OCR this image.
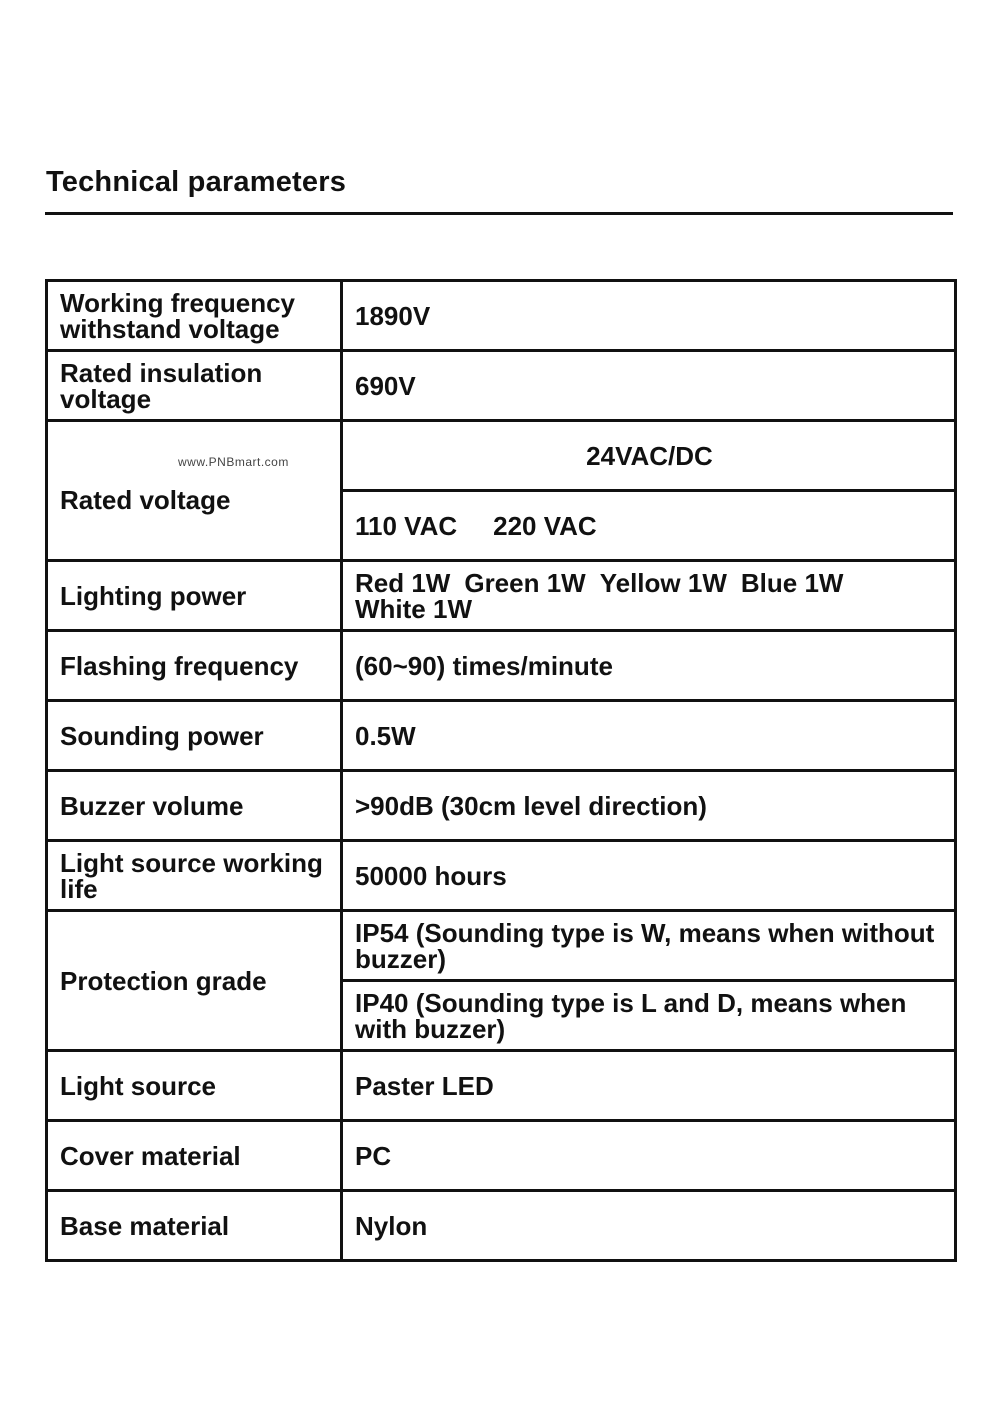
Technical parameters
Working frequency withstand voltage	1890V
Rated insulation voltage	690V

www.PNBmart.com
Rated voltage	24VAC/DC
	110 VAC 220 VAC
Lighting power	Red 1W Green 1W Yellow 1W Blue 1W
White 1W
Flashing frequency	(60~90) times/minute
Sounding power	0.5W
Buzzer volume	>90dB (30cm level direction)
Light source working life	50000 hours
Protection grade	IP54 (Sounding type is W, means when without buzzer)
	IP40 (Sounding type is L and D, means when with buzzer)
Light source	Paster LED
Cover material	PC
Base material	Nylon
